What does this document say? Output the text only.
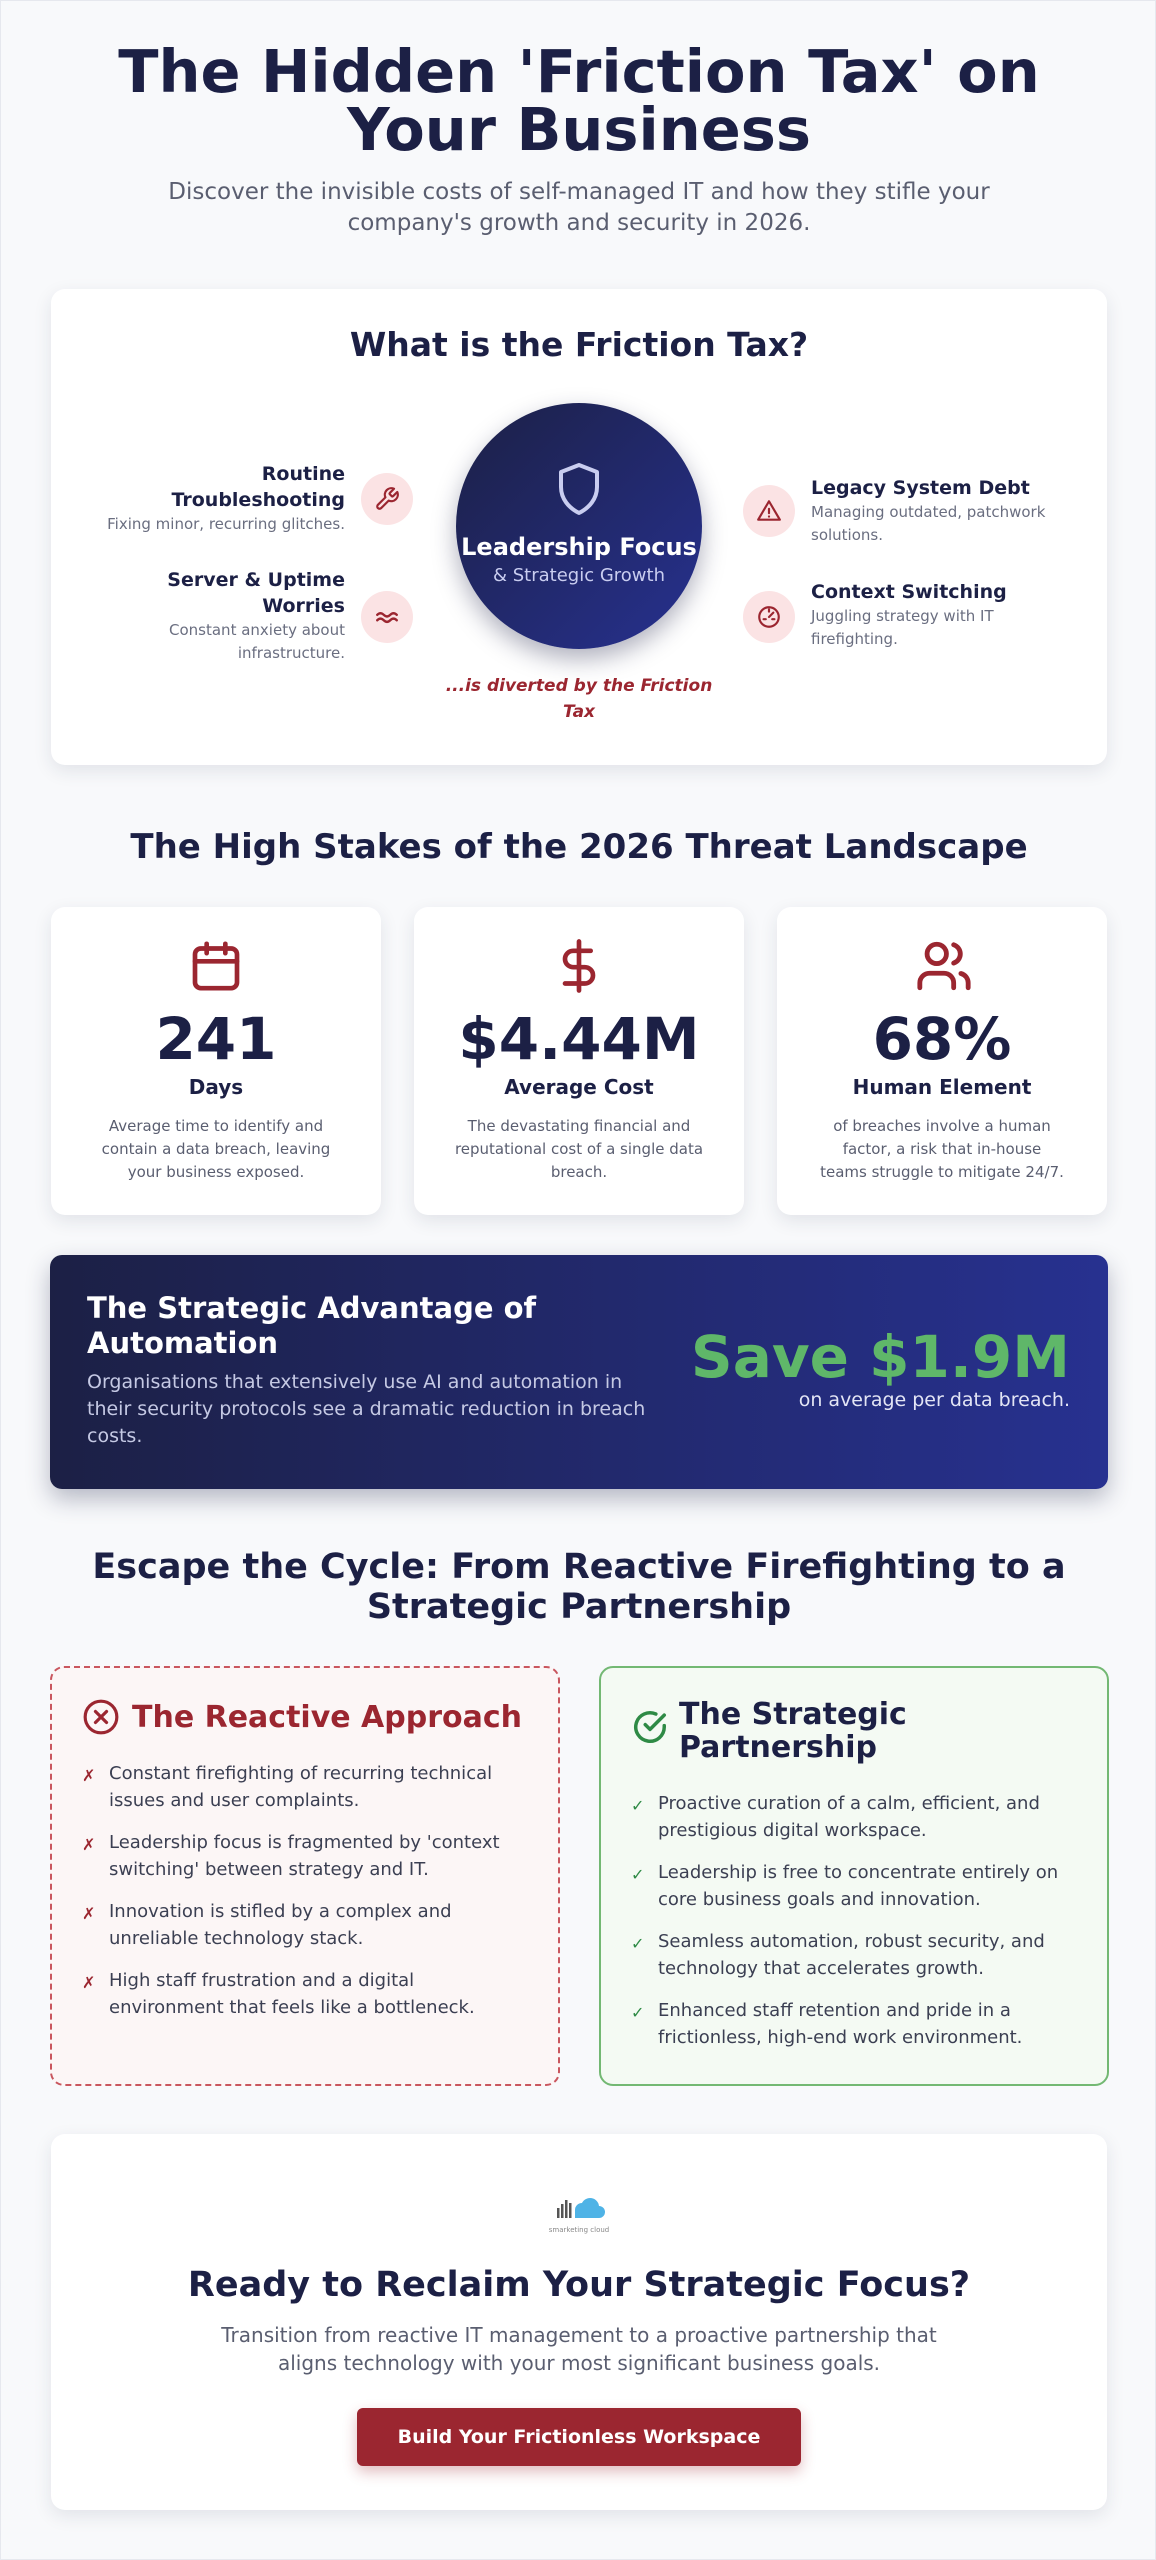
The Hidden 'Friction Tax' on Your Business

Discover the invisible costs of self-managed IT and how they stifle your company's growth and security in 2026.

What is the Friction Tax?
Routine Troubleshooting
Fixing minor, recurring glitches.
Server & Uptime Worries
Constant anxiety about infrastructure.
Leadership Focus
& Strategic Growth
...is diverted by the Friction Tax
Legacy System Debt
Managing outdated, patchwork solutions.
Context Switching
Juggling strategy with IT firefighting.
The High Stakes of the 2026 Threat Landscape
241
Days
Average time to identify and contain a data breach, leaving your business exposed.
$4.44M
Average Cost
The devastating financial and reputational cost of a single data breach.
68%
Human Element
of breaches involve a human factor, a risk that in-house teams struggle to mitigate 24/7.
The Strategic Advantage of Automation
Organisations that extensively use AI and automation in their security protocols see a dramatic reduction in breach costs.
Save $1.9M
on average per data breach.
Escape the Cycle: From Reactive Firefighting to a Strategic Partnership
The Reactive Approach
✗ Constant firefighting of recurring technical issues and user complaints.
✗ Leadership focus is fragmented by 'context switching' between strategy and IT.
✗ Innovation is stifled by a complex and unreliable technology stack.
✗ High staff frustration and a digital environment that feels like a bottleneck.
The Strategic Partnership
✓ Proactive curation of a calm, efficient, and prestigious digital workspace.
✓ Leadership is free to concentrate entirely on core business goals and innovation.
✓ Seamless automation, robust security, and technology that accelerates growth.
✓ Enhanced staff retention and pride in a frictionless, high-end work environment.
smarketing cloud
Ready to Reclaim Your Strategic Focus?

Transition from reactive IT management to a proactive partnership that aligns technology with your most significant business goals.

Build Your Frictionless Workspace
